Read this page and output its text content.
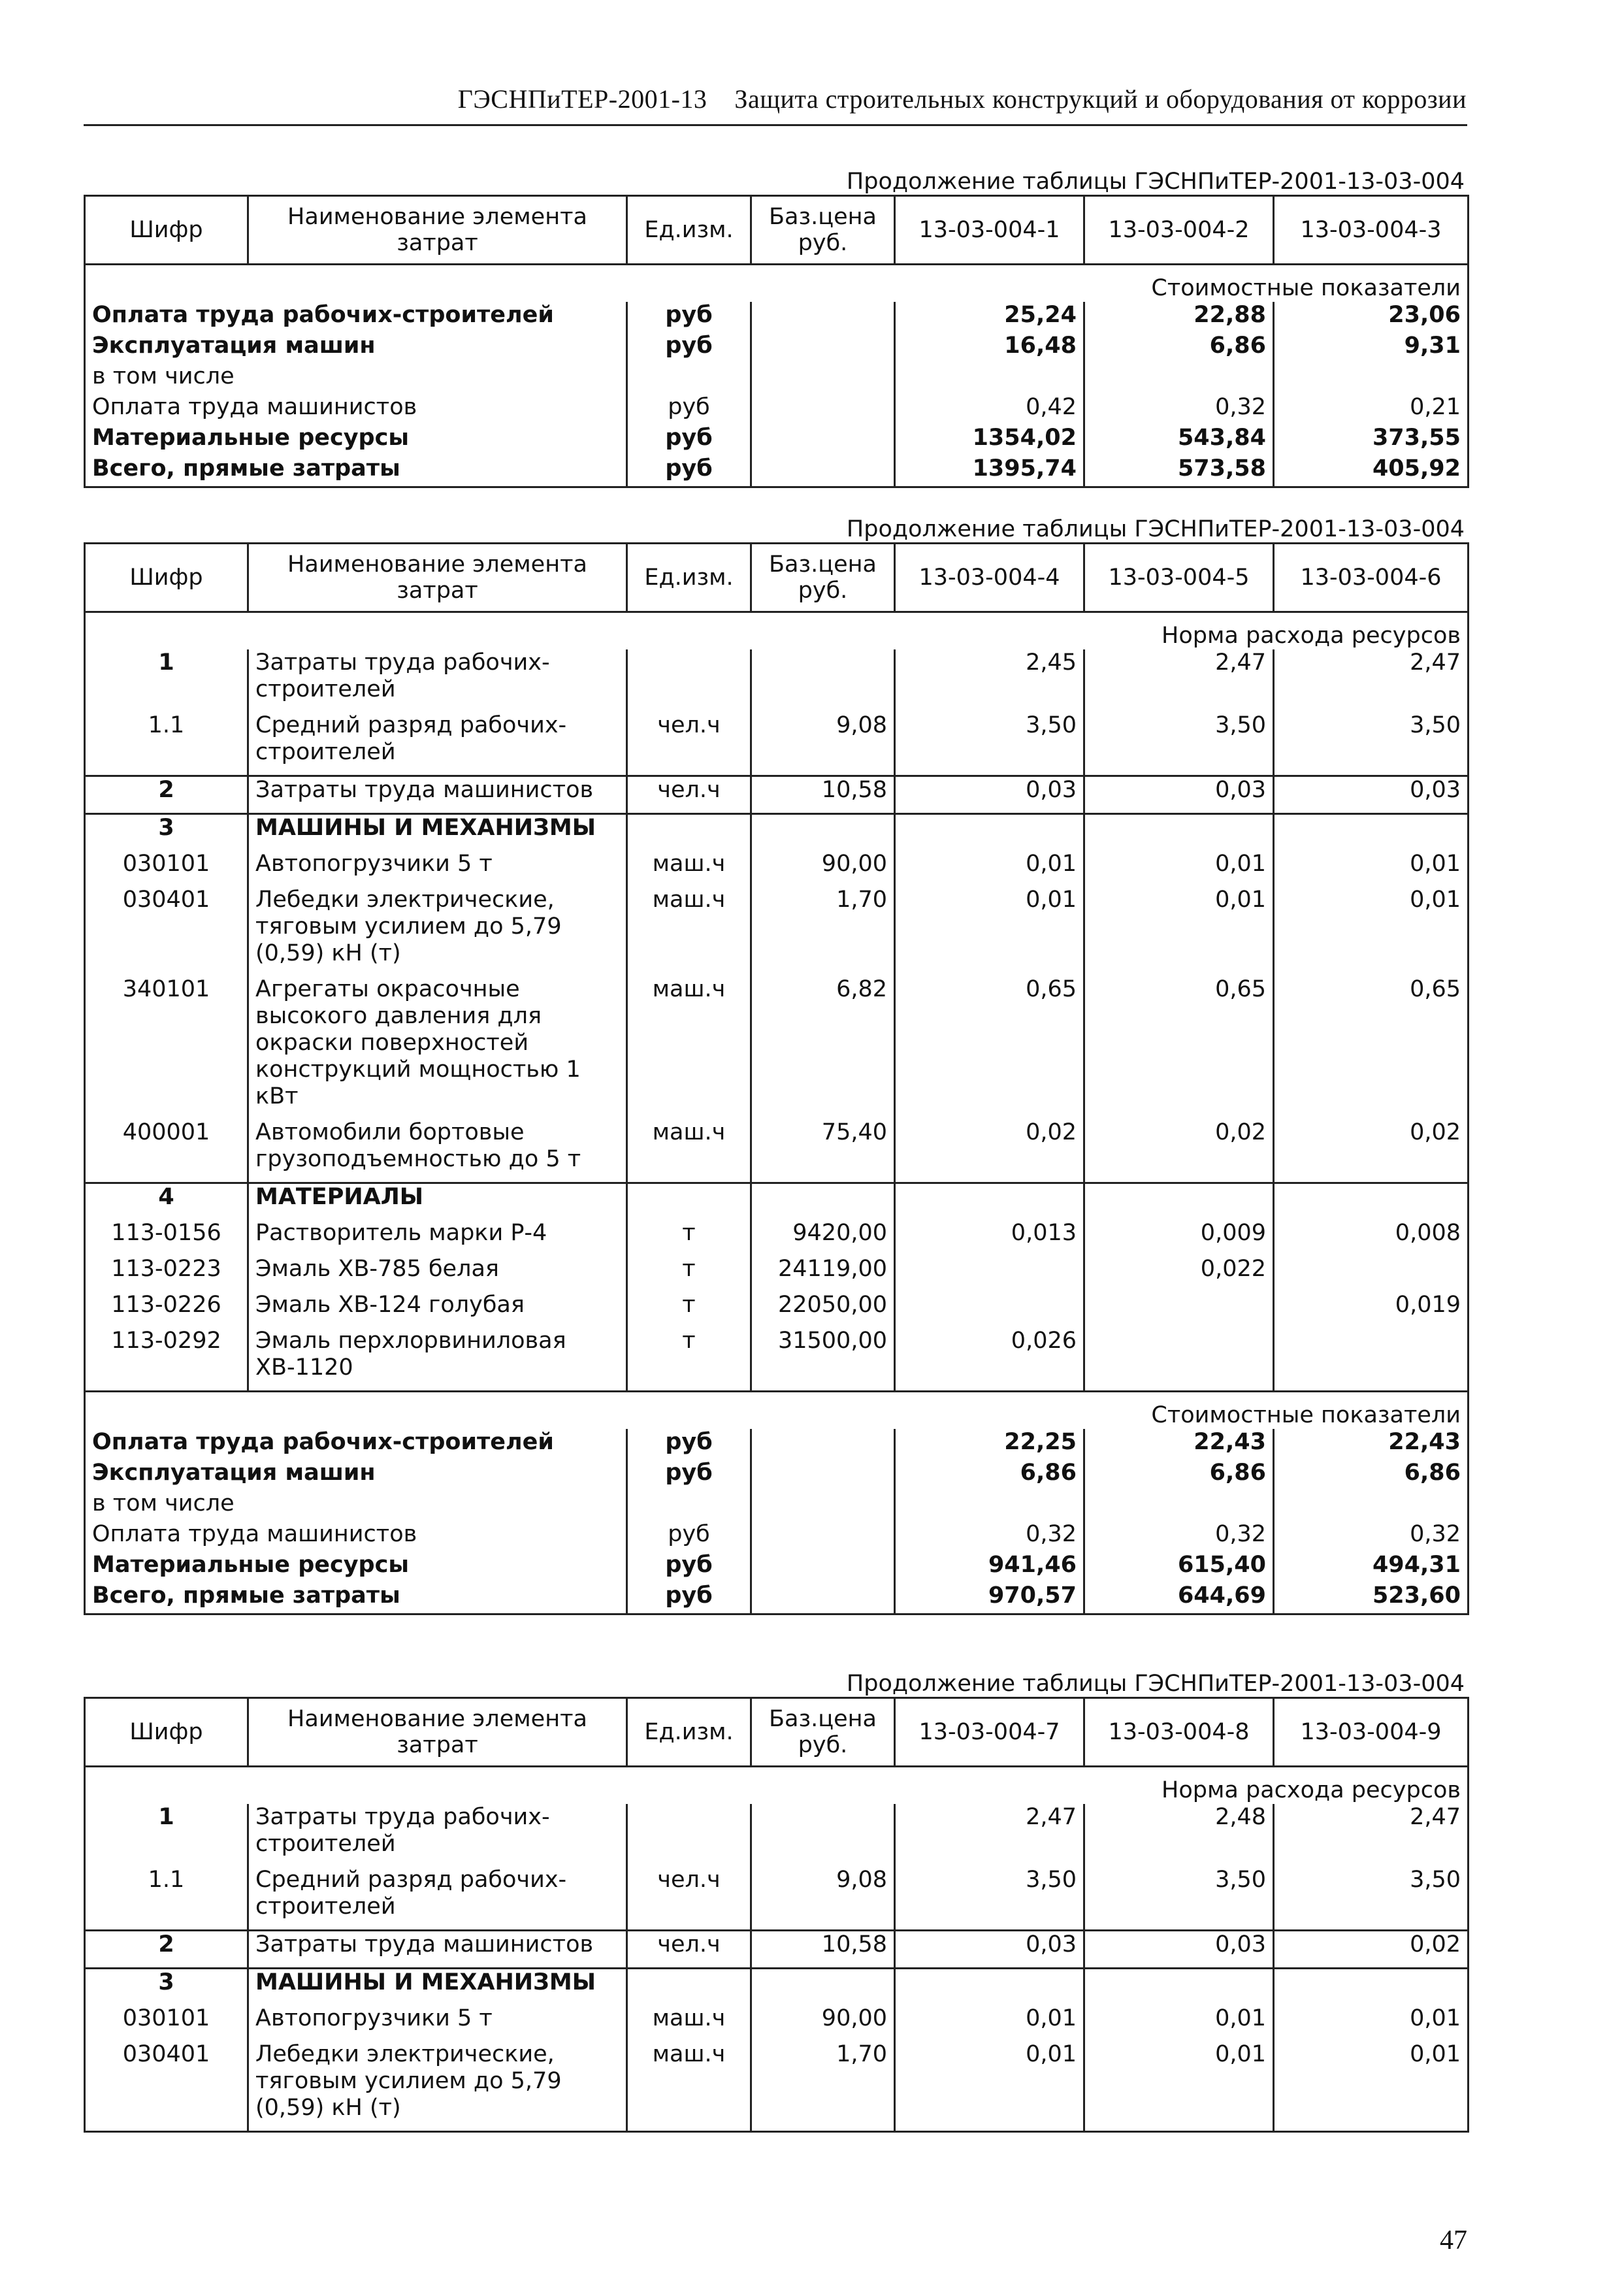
ГЭСНПиТЕР-2001-13 Защита строительных конструкций и оборудования от коррозии
Продолжение таблицы ГЭСНПиТЕР-2001-13-03-004
Шифр	Наименование элемента затрат	Ед.изм.	Баз.цена руб.	13-03-004-1	13-03-004-2	13-03-004-3
Стоимостные показатели						
Оплата труда рабочих-строителей		руб		25,24	22,88	23,06
Эксплуатация машин		руб		16,48	6,86	9,31
в том числе						
Оплата труда машинистов		руб		0,42	0,32	0,21
Материальные ресурсы		руб		1354,02	543,84	373,55
Всего, прямые затраты		руб		1395,74	573,58	405,92
Продолжение таблицы ГЭСНПиТЕР-2001-13-03-004
Шифр	Наименование элемента затрат	Ед.изм.	Баз.цена руб.	13-03-004-4	13-03-004-5	13-03-004-6
Норма расхода ресурсов						
1	Затраты труда рабочих-строителей			2,45	2,47	2,47
1.1	Средний разряд рабочих-строителей	чел.ч	9,08	3,50	3,50	3,50
2	Затраты труда машинистов	чел.ч	10,58	0,03	0,03	0,03
3	МАШИНЫ И МЕХАНИЗМЫ					
030101	Автопогрузчики 5 т	маш.ч	90,00	0,01	0,01	0,01
030401	Лебедки электрические, тяговым усилием до 5,79 (0,59) кН (т)	маш.ч	1,70	0,01	0,01	0,01
340101	Агрегаты окрасочные высокого давления для окраски поверхностей конструкций мощностью 1 кВт	маш.ч	6,82	0,65	0,65	0,65
400001	Автомобили бортовые грузоподъемностью до 5 т	маш.ч	75,40	0,02	0,02	0,02
4	МАТЕРИАЛЫ					
113-0156	Растворитель марки Р-4	т	9420,00	0,013	0,009	0,008
113-0223	Эмаль ХВ-785 белая	т	24119,00		0,022	
113-0226	Эмаль ХВ-124 голубая	т	22050,00			0,019
113-0292	Эмаль перхлорвиниловая ХВ-1120	т	31500,00	0,026		
Стоимостные показатели						
Оплата труда рабочих-строителей		руб		22,25	22,43	22,43
Эксплуатация машин		руб		6,86	6,86	6,86
в том числе						
Оплата труда машинистов		руб		0,32	0,32	0,32
Материальные ресурсы		руб		941,46	615,40	494,31
Всего, прямые затраты		руб		970,57	644,69	523,60
Продолжение таблицы ГЭСНПиТЕР-2001-13-03-004
Шифр	Наименование элемента затрат	Ед.изм.	Баз.цена руб.	13-03-004-7	13-03-004-8	13-03-004-9
Норма расхода ресурсов						
1	Затраты труда рабочих-строителей			2,47	2,48	2,47
1.1	Средний разряд рабочих-строителей	чел.ч	9,08	3,50	3,50	3,50
2	Затраты труда машинистов	чел.ч	10,58	0,03	0,03	0,02
3	МАШИНЫ И МЕХАНИЗМЫ					
030101	Автопогрузчики 5 т	маш.ч	90,00	0,01	0,01	0,01
030401	Лебедки электрические, тяговым усилием до 5,79 (0,59) кН (т)	маш.ч	1,70	0,01	0,01	0,01
47
